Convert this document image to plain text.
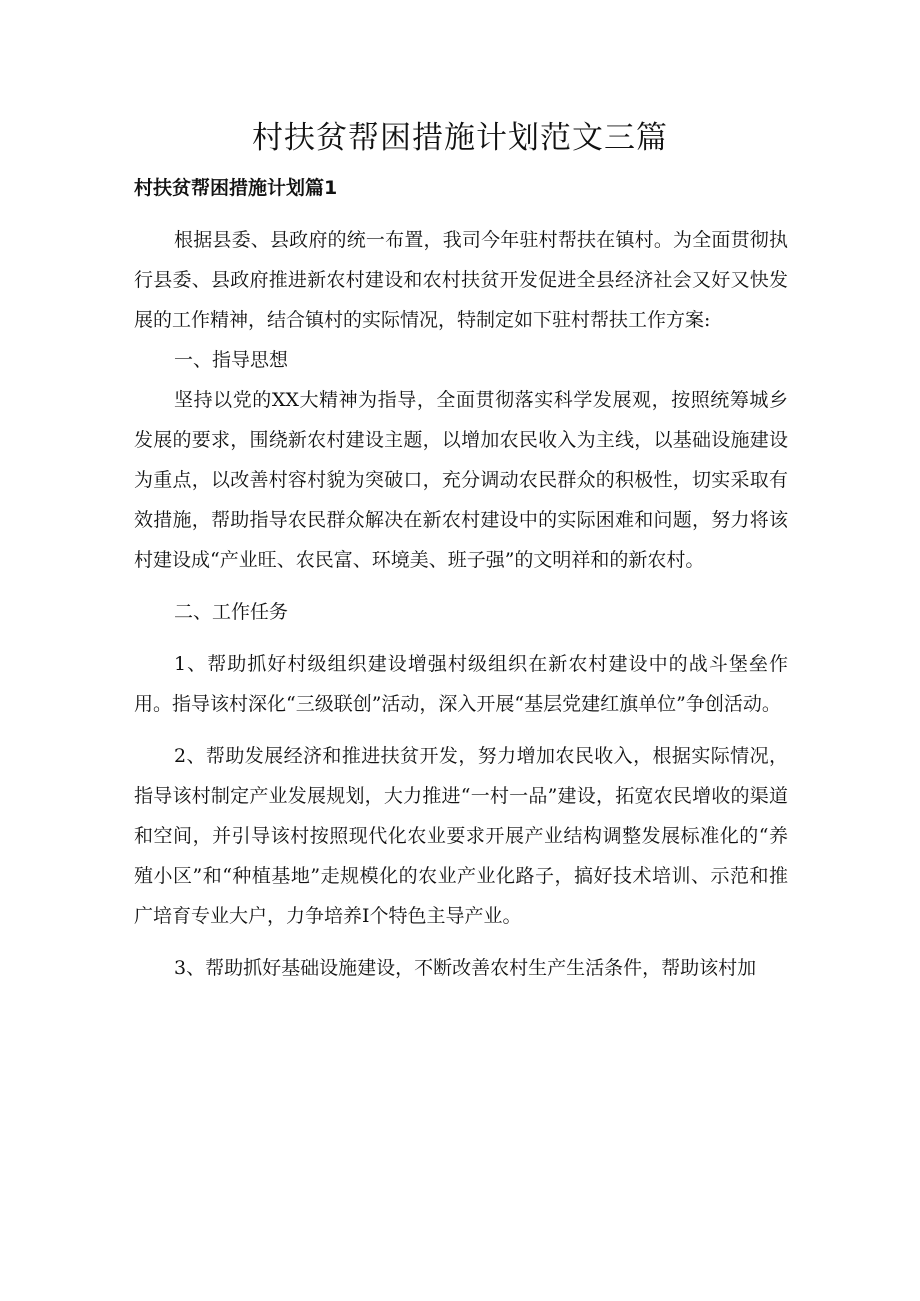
村扶贫帮困措施计划范文三篇
村扶贫帮困措施计划篇1

根据县委、县政府的统一布置，我司今年驻村帮扶在镇村。为全面贯彻执行县委、县政府推进新农村建设和农村扶贫开发促进全县经济社会又好又快发展的工作精神，结合镇村的实际情况，特制定如下驻村帮扶工作方案:

一、指导思想

坚持以党的XX大精神为指导，全面贯彻落实科学发展观，按照统筹城乡发展的要求，围绕新农村建设主题，以增加农民收入为主线，以基础设施建设为重点，以改善村容村貌为突破口，充分调动农民群众的积极性，切实采取有效措施，帮助指导农民群众解决在新农村建设中的实际困难和问题，努力将该村建设成“产业旺、农民富、环境美、班子强”的文明祥和的新农村。

二、工作任务

1、帮助抓好村级组织建设增强村级组织在新农村建设中的战斗堡垒作用。指导该村深化“三级联创”活动，深入开展“基层党建红旗单位”争创活动。

2、帮助发展经济和推进扶贫开发，努力增加农民收入，根据实际情况，指导该村制定产业发展规划，大力推进“一村一品”建设，拓宽农民增收的渠道和空间，并引导该村按照现代化农业要求开展产业结构调整发展标准化的“养殖小区”和“种植基地”走规模化的农业产业化路子，搞好技术培训、示范和推广培育专业大户，力争培养I个特色主导产业。

3、帮助抓好基础设施建设，不断改善农村生产生活条件，帮助该村加
